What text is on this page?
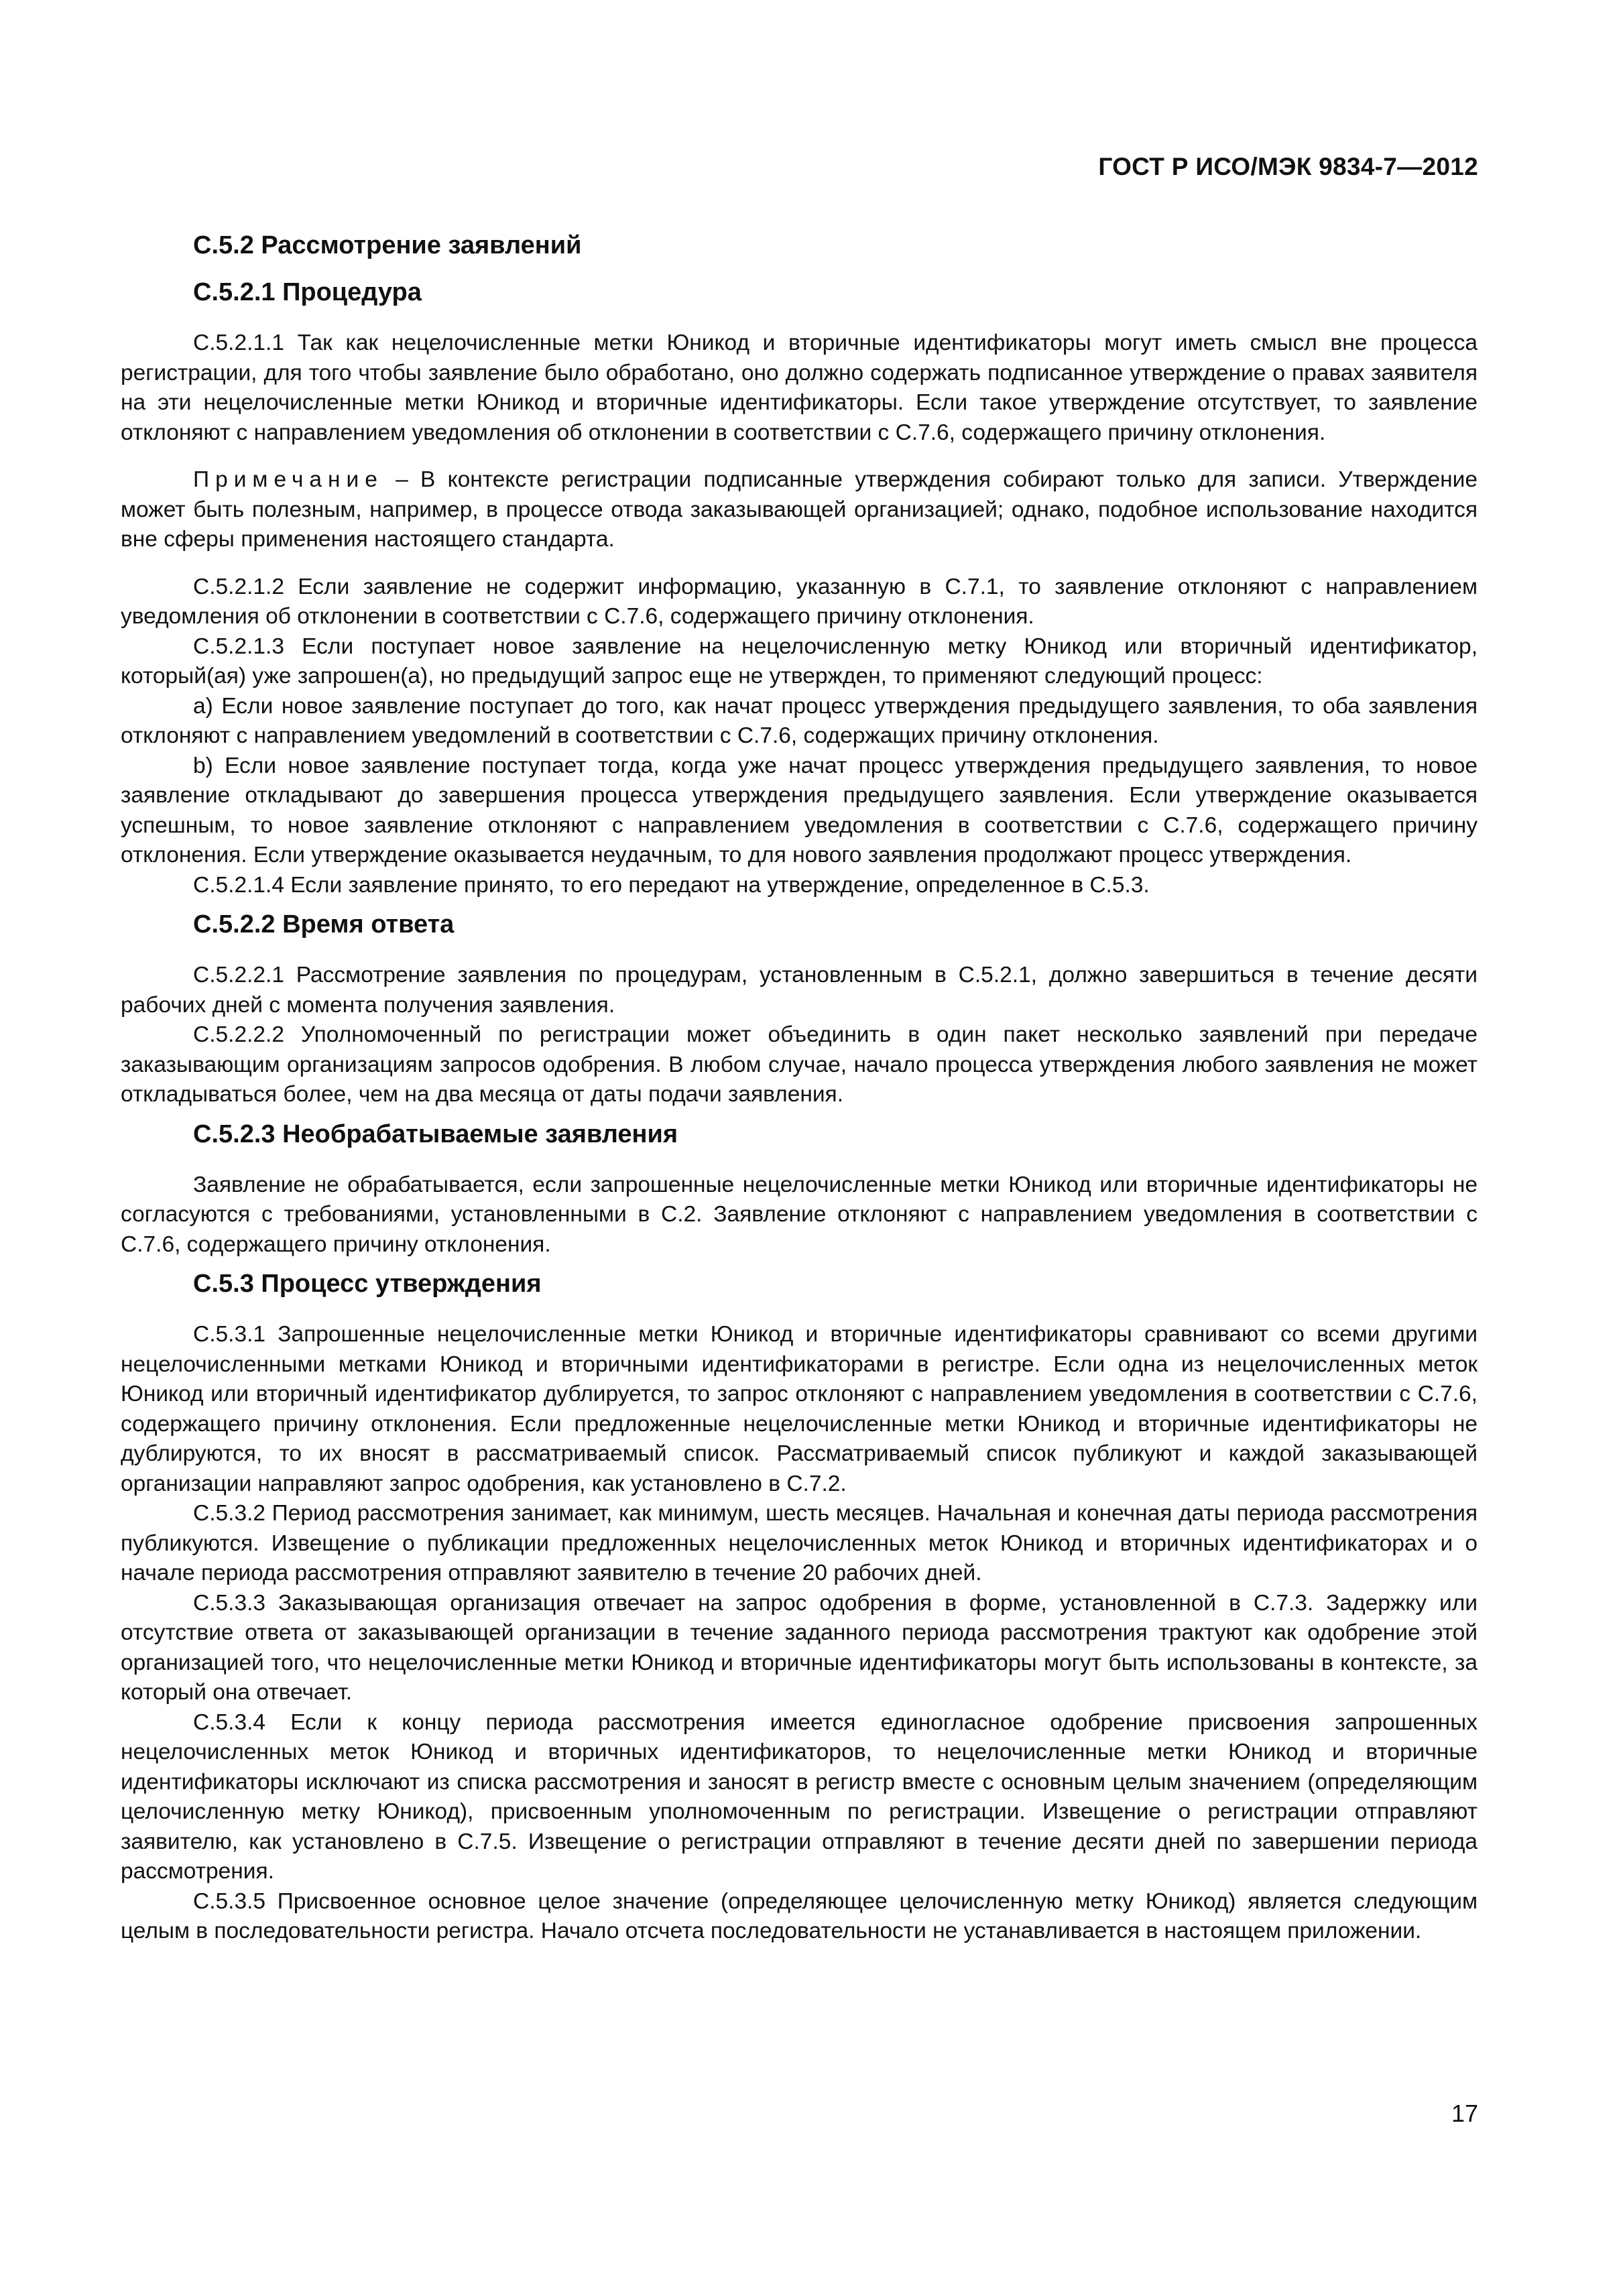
ГОСТ Р ИСО/МЭК 9834-7—2012
C.5.2 Рассмотрение заявлений
C.5.2.1 Процедура

C.5.2.1.1 Так как нецелочисленные метки Юникод и вторичные идентификаторы могут иметь смысл вне процесса регистрации, для того чтобы заявление было обработано, оно должно содержать подписанное утверждение о правах заявителя на эти нецелочисленные метки Юникод и вторичные идентификаторы. Если такое утверждение отсутствует, то заявление отклоняют с направлением уведомления об отклонении в соответствии с C.7.6, содержащего причину отклонения.

Примечание – В контексте регистрации подписанные утверждения собирают только для записи. Утверждение может быть полезным, например, в процессе отвода заказывающей организацией; однако, подобное использование находится вне сферы применения настоящего стандарта.

C.5.2.1.2 Если заявление не содержит информацию, указанную в C.7.1, то заявление отклоняют с направлением уведомления об отклонении в соответствии с C.7.6, содержащего причину отклонения.

C.5.2.1.3 Если поступает новое заявление на нецелочисленную метку Юникод или вторичный идентификатор, который(ая) уже запрошен(а), но предыдущий запрос еще не утвержден, то применяют следующий процесс:

a) Если новое заявление поступает до того, как начат процесс утверждения предыдущего заявления, то оба заявления отклоняют с направлением уведомлений в соответствии с C.7.6, содержащих причину отклонения.

b) Если новое заявление поступает тогда, когда уже начат процесс утверждения предыдущего заявления, то новое заявление откладывают до завершения процесса утверждения предыдущего заявления. Если утверждение оказывается успешным, то новое заявление отклоняют с направлением уведомления в соответствии с C.7.6, содержащего причину отклонения. Если утверждение оказывается неудачным, то для нового заявления продолжают процесс утверждения.

C.5.2.1.4 Если заявление принято, то его передают на утверждение, определенное в C.5.3.

C.5.2.2 Время ответа

C.5.2.2.1 Рассмотрение заявления по процедурам, установленным в C.5.2.1, должно завершиться в течение десяти рабочих дней с момента получения заявления.

C.5.2.2.2 Уполномоченный по регистрации может объединить в один пакет несколько заявлений при передаче заказывающим организациям запросов одобрения. В любом случае, начало процесса утверждения любого заявления не может откладываться более, чем на два месяца от даты подачи заявления.

C.5.2.3 Необрабатываемые заявления

Заявление не обрабатывается, если запрошенные нецелочисленные метки Юникод или вторичные идентификаторы не согласуются с требованиями, установленными в C.2. Заявление отклоняют с направлением уведомления в соответствии с C.7.6, содержащего причину отклонения.

C.5.3 Процесс утверждения

C.5.3.1 Запрошенные нецелочисленные метки Юникод и вторичные идентификаторы сравнивают со всеми другими нецелочисленными метками Юникод и вторичными идентификаторами в регистре. Если одна из нецелочисленных меток Юникод или вторичный идентификатор дублируется, то запрос отклоняют с направлением уведомления в соответствии с C.7.6, содержащего причину отклонения. Если предложенные нецелочисленные метки Юникод и вторичные идентификаторы не дублируются, то их вносят в рассматриваемый список. Рассматриваемый список публикуют и каждой заказывающей организации направляют запрос одобрения, как установлено в C.7.2.

C.5.3.2 Период рассмотрения занимает, как минимум, шесть месяцев. Начальная и конечная даты периода рассмотрения публикуются. Извещение о публикации предложенных нецелочисленных меток Юникод и вторичных идентификаторах и о начале периода рассмотрения отправляют заявителю в течение 20 рабочих дней.

C.5.3.3 Заказывающая организация отвечает на запрос одобрения в форме, установленной в C.7.3. Задержку или отсутствие ответа от заказывающей организации в течение заданного периода рассмотрения трактуют как одобрение этой организацией того, что нецелочисленные метки Юникод и вторичные идентификаторы могут быть использованы в контексте, за который она отвечает.

C.5.3.4 Если к концу периода рассмотрения имеется единогласное одобрение присвоения запрошенных нецелочисленных меток Юникод и вторичных идентификаторов, то нецелочисленные метки Юникод и вторичные идентификаторы исключают из списка рассмотрения и заносят в регистр вместе с основным целым значением (определяющим целочисленную метку Юникод), присвоенным уполномоченным по регистрации. Извещение о регистрации отправляют заявителю, как установлено в C.7.5. Извещение о регистрации отправляют в течение десяти дней по завершении периода рассмотрения.

C.5.3.5 Присвоенное основное целое значение (определяющее целочисленную метку Юникод) является следующим целым в последовательности регистра. Начало отсчета последовательности не устанавливается в настоящем приложении.

17
